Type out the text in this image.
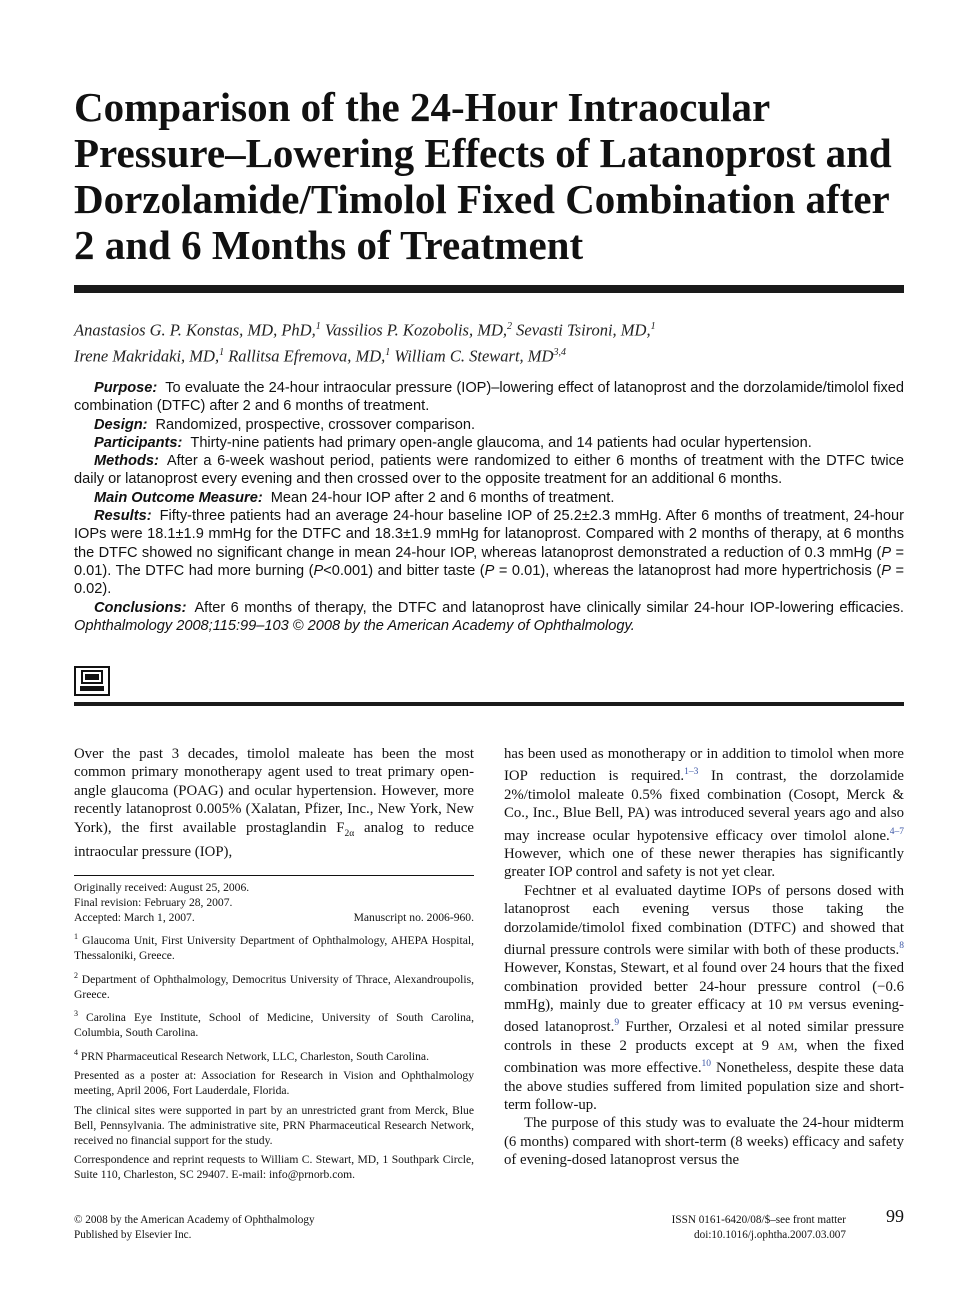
Comparison of the 24-Hour Intraocular Pressure–Lowering Effects of Latanoprost and Dorzolamide/Timolol Fixed Combination after 2 and 6 Months of Treatment
Anastasios G. P. Konstas, MD, PhD,$^1$ Vassilios P. Kozobolis, MD,$^2$ Sevasti Tsironi, MD,$^1$
Irene Makridaki, MD,$^1$ Rallitsa Efremova, MD,$^1$ William C. Stewart, MD$^{3,4}$

Purpose: To evaluate the 24-hour intraocular pressure (IOP)–lowering effect of latanoprost and the dorzolamide/timolol fixed combination (DTFC) after 2 and 6 months of treatment.

Design: Randomized, prospective, crossover comparison.

Participants: Thirty-nine patients had primary open-angle glaucoma, and 14 patients had ocular hypertension.

Methods: After a 6-week washout period, patients were randomized to either 6 months of treatment with the DTFC twice daily or latanoprost every evening and then crossed over to the opposite treatment for an additional 6 months.

Main Outcome Measure: Mean 24-hour IOP after 2 and 6 months of treatment.

Results: Fifty-three patients had an average 24-hour baseline IOP of 25.2±2.3 mmHg. After 6 months of treatment, 24-hour IOPs were 18.1±1.9 mmHg for the DTFC and 18.3±1.9 mmHg for latanoprost. Compared with 2 months of therapy, at 6 months the DTFC showed no significant change in mean 24-hour IOP, whereas latanoprost demonstrated a reduction of 0.3 mmHg (P = 0.01). The DTFC had more burning (P<0.001) and bitter taste (P = 0.01), whereas the latanoprost had more hypertrichosis (P = 0.02).

Conclusions: After 6 months of therapy, the DTFC and latanoprost have clinically similar 24-hour IOP-lowering efficacies. Ophthalmology 2008;115:99–103 © 2008 by the American Academy of Ophthalmology.

Over the past 3 decades, timolol maleate has been the most common primary monotherapy agent used to treat primary open-angle glaucoma (POAG) and ocular hypertension. However, more recently latanoprost 0.005% (Xalatan, Pfizer, Inc., New York, New York), the first available prostaglandin $F_{2\alpha}$ analog to reduce intraocular pressure (IOP),

Originally received: August 25, 2006.

Final revision: February 28, 2007.

Accepted: March 1, 2007.	Manuscript no. 2006-960.

$^1$ Glaucoma Unit, First University Department of Ophthalmology, AHEPA Hospital, Thessaloniki, Greece.

$^2$ Department of Ophthalmology, Democritus University of Thrace, Alexandroupolis, Greece.

$^3$ Carolina Eye Institute, School of Medicine, University of South Carolina, Columbia, South Carolina.

$^4$ PRN Pharmaceutical Research Network, LLC, Charleston, South Carolina.

Presented as a poster at: Association for Research in Vision and Ophthalmology meeting, April 2006, Fort Lauderdale, Florida.

The clinical sites were supported in part by an unrestricted grant from Merck, Blue Bell, Pennsylvania. The administrative site, PRN Pharmaceutical Research Network, received no financial support for the study.

Correspondence and reprint requests to William C. Stewart, MD, 1 Southpark Circle, Suite 110, Charleston, SC 29407. E-mail: info@prnorb.com.

has been used as monotherapy or in addition to timolol when more IOP reduction is required.$^{1-3}$ In contrast, the dorzolamide 2%/timolol maleate 0.5% fixed combination (Cosopt, Merck & Co., Inc., Blue Bell, PA) was introduced several years ago and also may increase ocular hypotensive efficacy over timolol alone.$^{4-7}$ However, which one of these newer therapies has significantly greater IOP control and safety is not yet clear.

Fechtner et al evaluated daytime IOPs of persons dosed with latanoprost each evening versus those taking the dorzolamide/timolol fixed combination (DTFC) and showed that diurnal pressure controls were similar with both of these products.$^8$ However, Konstas, Stewart, et al found over 24 hours that the fixed combination provided better 24-hour pressure control (−0.6 mmHg), mainly due to greater efficacy at 10 pm versus evening-dosed latanoprost.$^9$ Further, Orzalesi et al noted similar pressure controls in these 2 products except at 9 am, when the fixed combination was more effective.$^{10}$ Nonetheless, despite these data the above studies suffered from limited population size and short-term follow-up.

The purpose of this study was to evaluate the 24-hour midterm (6 months) compared with short-term (8 weeks) efficacy and safety of evening-dosed latanoprost versus the

© 2008 by the American Academy of Ophthalmology
Published by Elsevier Inc.
ISSN 0161-6420/08/$–see front matter
doi:10.1016/j.ophtha.2007.03.007
99
